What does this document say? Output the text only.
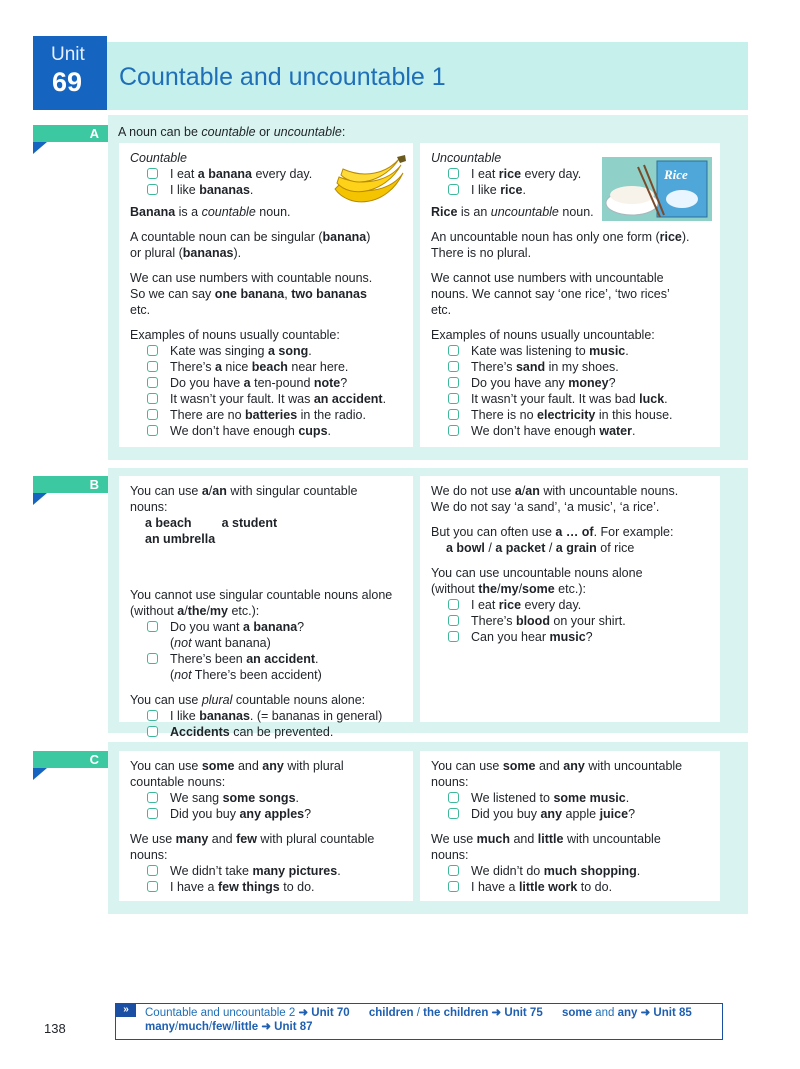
Countable and uncountable 1
Unit
69
A
B
C
A noun can be countable or uncountable:
Countable
I eat a banana every day.
I like bananas.

Banana is a countable noun.

A countable noun can be singular (banana)
or plural (bananas).

We can use numbers with countable nouns.
So we can say one banana, two bananas
etc.

Examples of nouns usually countable:
Kate was singing a song.
There’s a nice beach near here.
Do you have a ten-pound note?
It wasn’t your fault. It was an accident.
There are no batteries in the radio.
We don’t have enough cups.
Uncountable
I eat rice every day.
I like rice.

Rice is an uncountable noun.

An uncountable noun has only one form (rice).
There is no plural.

We cannot use numbers with uncountable
nouns. We cannot say ‘one rice’, ‘two rices’
etc.

Examples of nouns usually uncountable:
Kate was listening to music.
There’s sand in my shoes.
Do you have any money?
It wasn’t your fault. It was bad luck.
There is no electricity in this house.
We don’t have enough water.
Rice

You can use a/an with singular countable
nouns:

a beach a studentan umbrella
You cannot use singular countable nouns alone
(without a/the/my etc.):
Do you want a banana?
(not want banana)
There’s been an accident.
(not There’s been accident)
You can use plural countable nouns alone:
I like bananas. (= bananas in general)
Accidents can be prevented.

We do not use a/an with uncountable nouns.
We do not say ‘a sand’, ‘a music’, ‘a rice’.

But you can often use a … of. For example:
a bowl / a packet / a grain of rice

You can use uncountable nouns alone
(without the/my/some etc.):
I eat rice every day.
There’s blood on your shirt.
Can you hear music?
You can use some and any with plural
countable nouns:
We sang some songs.
Did you buy any apples?
We use many and few with plural countable
nouns:
We didn’t take many pictures.
I have a few things to do.
You can use some and any with uncountable
nouns:
We listened to some music.
Did you buy any apple juice?
We use much and little with uncountable
nouns:
We didn’t do much shopping.
I have a little work to do.
»	Countable and uncountable 2 ➜ Unit 70 children / the children ➜ Unit 75 some and any ➜ Unit 85
many/much/few/little ➜ Unit 87
138
